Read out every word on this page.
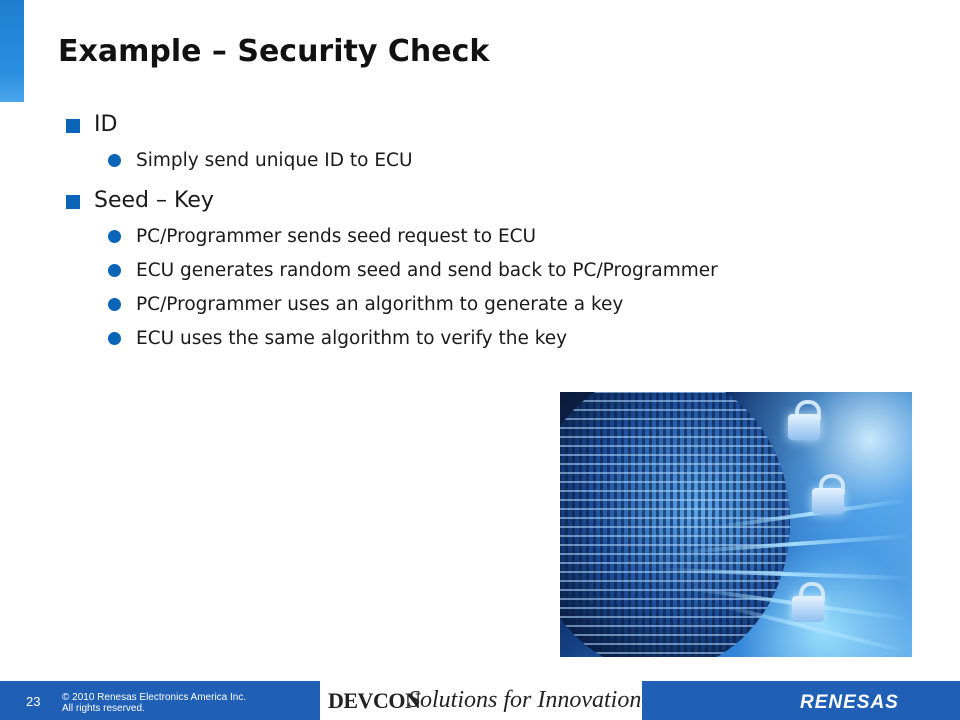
Example – Security Check
ID
Simply send unique ID to ECU
Seed – Key
PC/Programmer sends seed request to ECU
ECU generates random seed and send back to PC/Programmer
PC/Programmer uses an algorithm to generate a key
ECU uses the same algorithm to verify the key
23 © 2010 Renesas Electronics America Inc.
All rights reserved.	DEVCON
Solutions for Innovation	RENESAS
